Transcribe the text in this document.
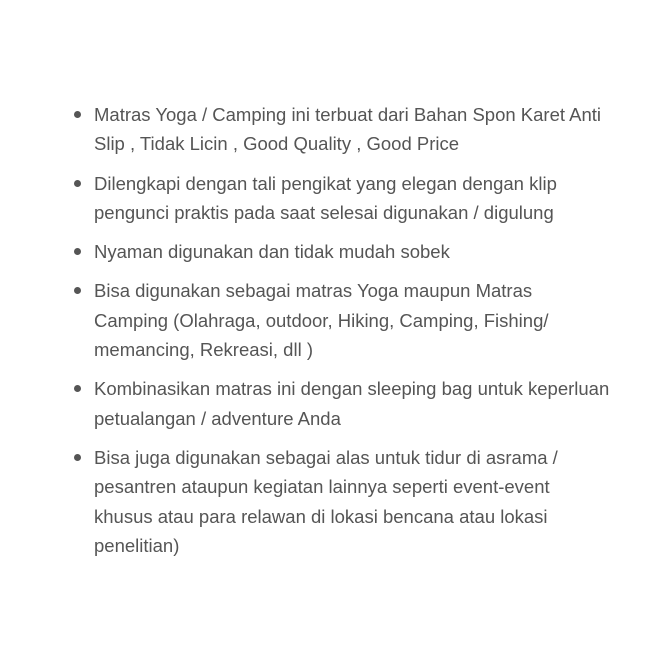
Matras Yoga / Camping ini terbuat dari Bahan Spon Karet Anti Slip , Tidak Licin , Good Quality , Good Price
Dilengkapi dengan tali pengikat yang elegan dengan klip pengunci praktis pada saat selesai digunakan / digulung
Nyaman digunakan dan tidak mudah sobek
Bisa digunakan sebagai matras Yoga maupun Matras Camping (Olahraga, outdoor, Hiking, Camping, Fishing/ memancing, Rekreasi, dll )
Kombinasikan matras ini dengan sleeping bag untuk keperluan petualangan / adventure Anda
Bisa juga digunakan sebagai alas untuk tidur di asrama / pesantren ataupun kegiatan lainnya seperti event-event khusus atau para relawan di lokasi bencana atau lokasi penelitian)
